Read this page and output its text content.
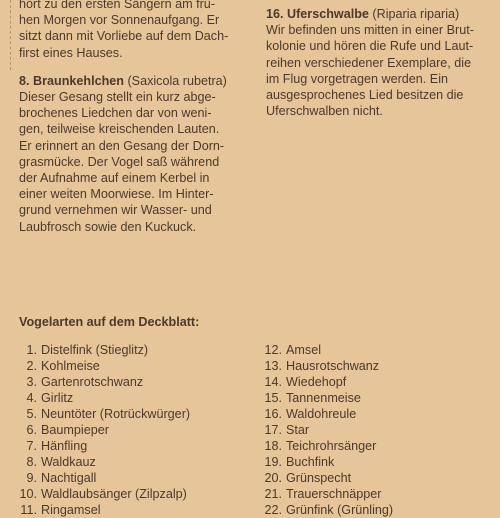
hört zu den ersten Sängern am frü-
hen Morgen vor Sonnenaufgang. Er
sitzt dann mit Vorliebe auf dem Dach-
first eines Hauses.

8. Braunkehlchen (Saxicola rubetra)
Dieser Gesang stellt ein kurz abge-
brochenes Liedchen dar von weni-
gen, teilweise kreischenden Lauten.
Er erinnert an den Gesang der Dorn-
grasmücke. Der Vogel saß während
der Aufnahme auf einem Kerbel in
einer weiten Moorwiese. Im Hinter-
grund vernehmen wir Wasser- und
Laubfrosch sowie den Kuckuck.

16. Uferschwalbe (Riparia riparia)
Wir befinden uns mitten in einer Brut-
kolonie und hören die Rufe und Laut-
reihen verschiedener Exemplare, die
im Flug vorgetragen werden. Ein
ausgesprochenes Lied besitzen die
Uferschwalben nicht.

Vogelarten auf dem Deckblatt:

1. Distelfink (Stieglitz)
2. Kohlmeise
3. Gartenrotschwanz
4. Girlitz
5. Neuntöter (Rotrückwürger)
6. Baumpieper
7. Hänfling
8. Waldkauz
9. Nachtigall
10. Waldlaubsänger (Zilpzalp)
11. Ringamsel
12. Amsel
13. Hausrotschwanz
14. Wiedehopf
15. Tannenmeise
16. Waldohreule
17. Star
18. Teichrohrsänger
19. Buchfink
20. Grünspecht
21. Trauerschnäpper
22. Grünfink (Grünling)
